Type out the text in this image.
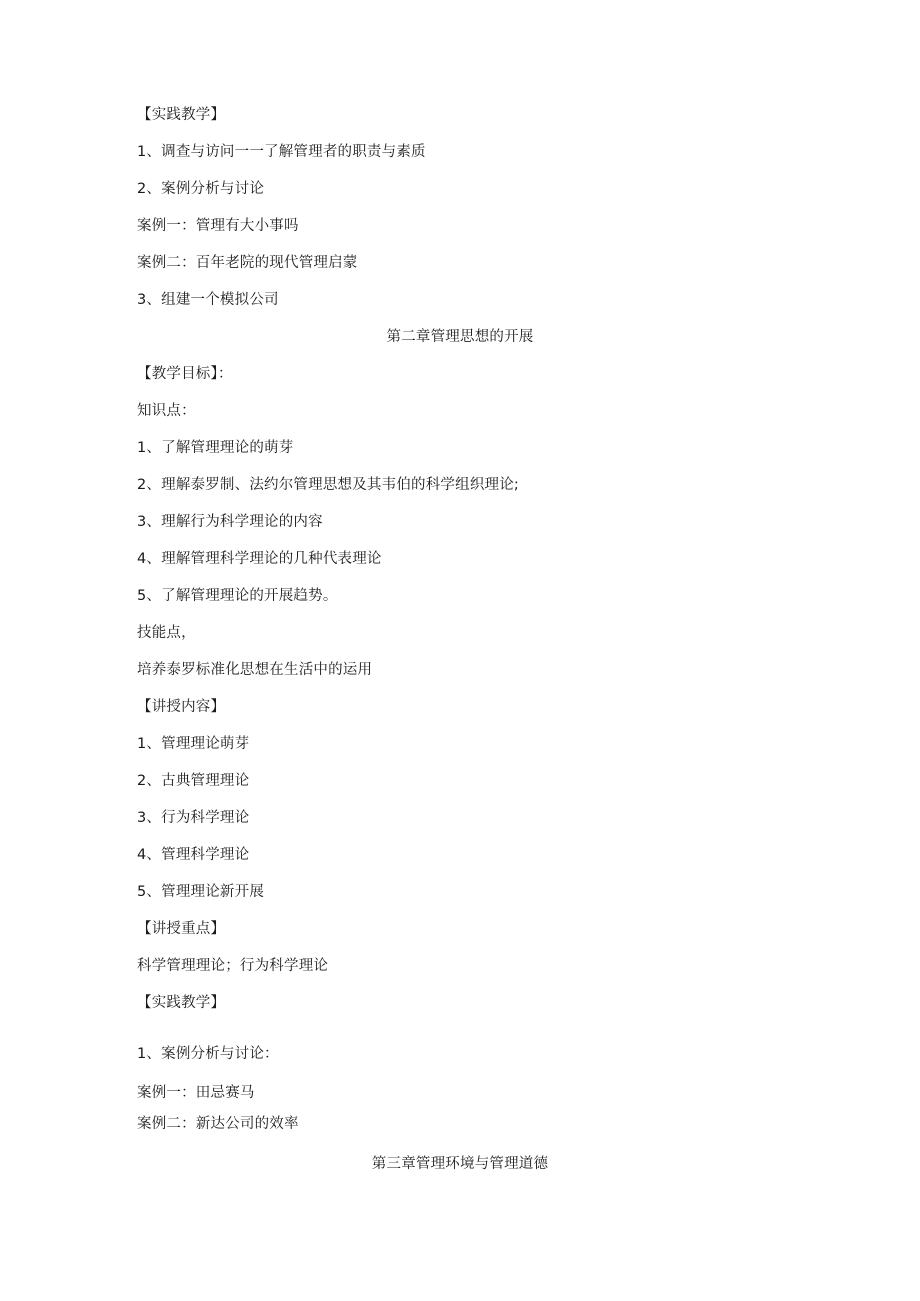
【实践教学】
1、调查与访问一一了解管理者的职责与素质
2、案例分析与讨论
案例一：管理有大小事吗
案例二：百年老院的现代管理启蒙
3、组建一个模拟公司
第二章管理思想的开展
【教学目标】：
知识点：
1、了解管理理论的萌芽
2、理解泰罗制、法约尔管理思想及其韦伯的科学组织理论;
3、理解行为科学理论的内容
4、理解管理科学理论的几种代表理论
5、了解管理理论的开展趋势。
技能点，
培养泰罗标准化思想在生活中的运用
【讲授内容】
1、管理理论萌芽
2、古典管理理论
3、行为科学理论
4、管理科学理论
5、管理理论新开展
【讲授重点】
科学管理理论；行为科学理论
【实践教学】
1、案例分析与讨论：
案例一：田忌赛马
案例二：新达公司的效率
第三章管理环境与管理道德
